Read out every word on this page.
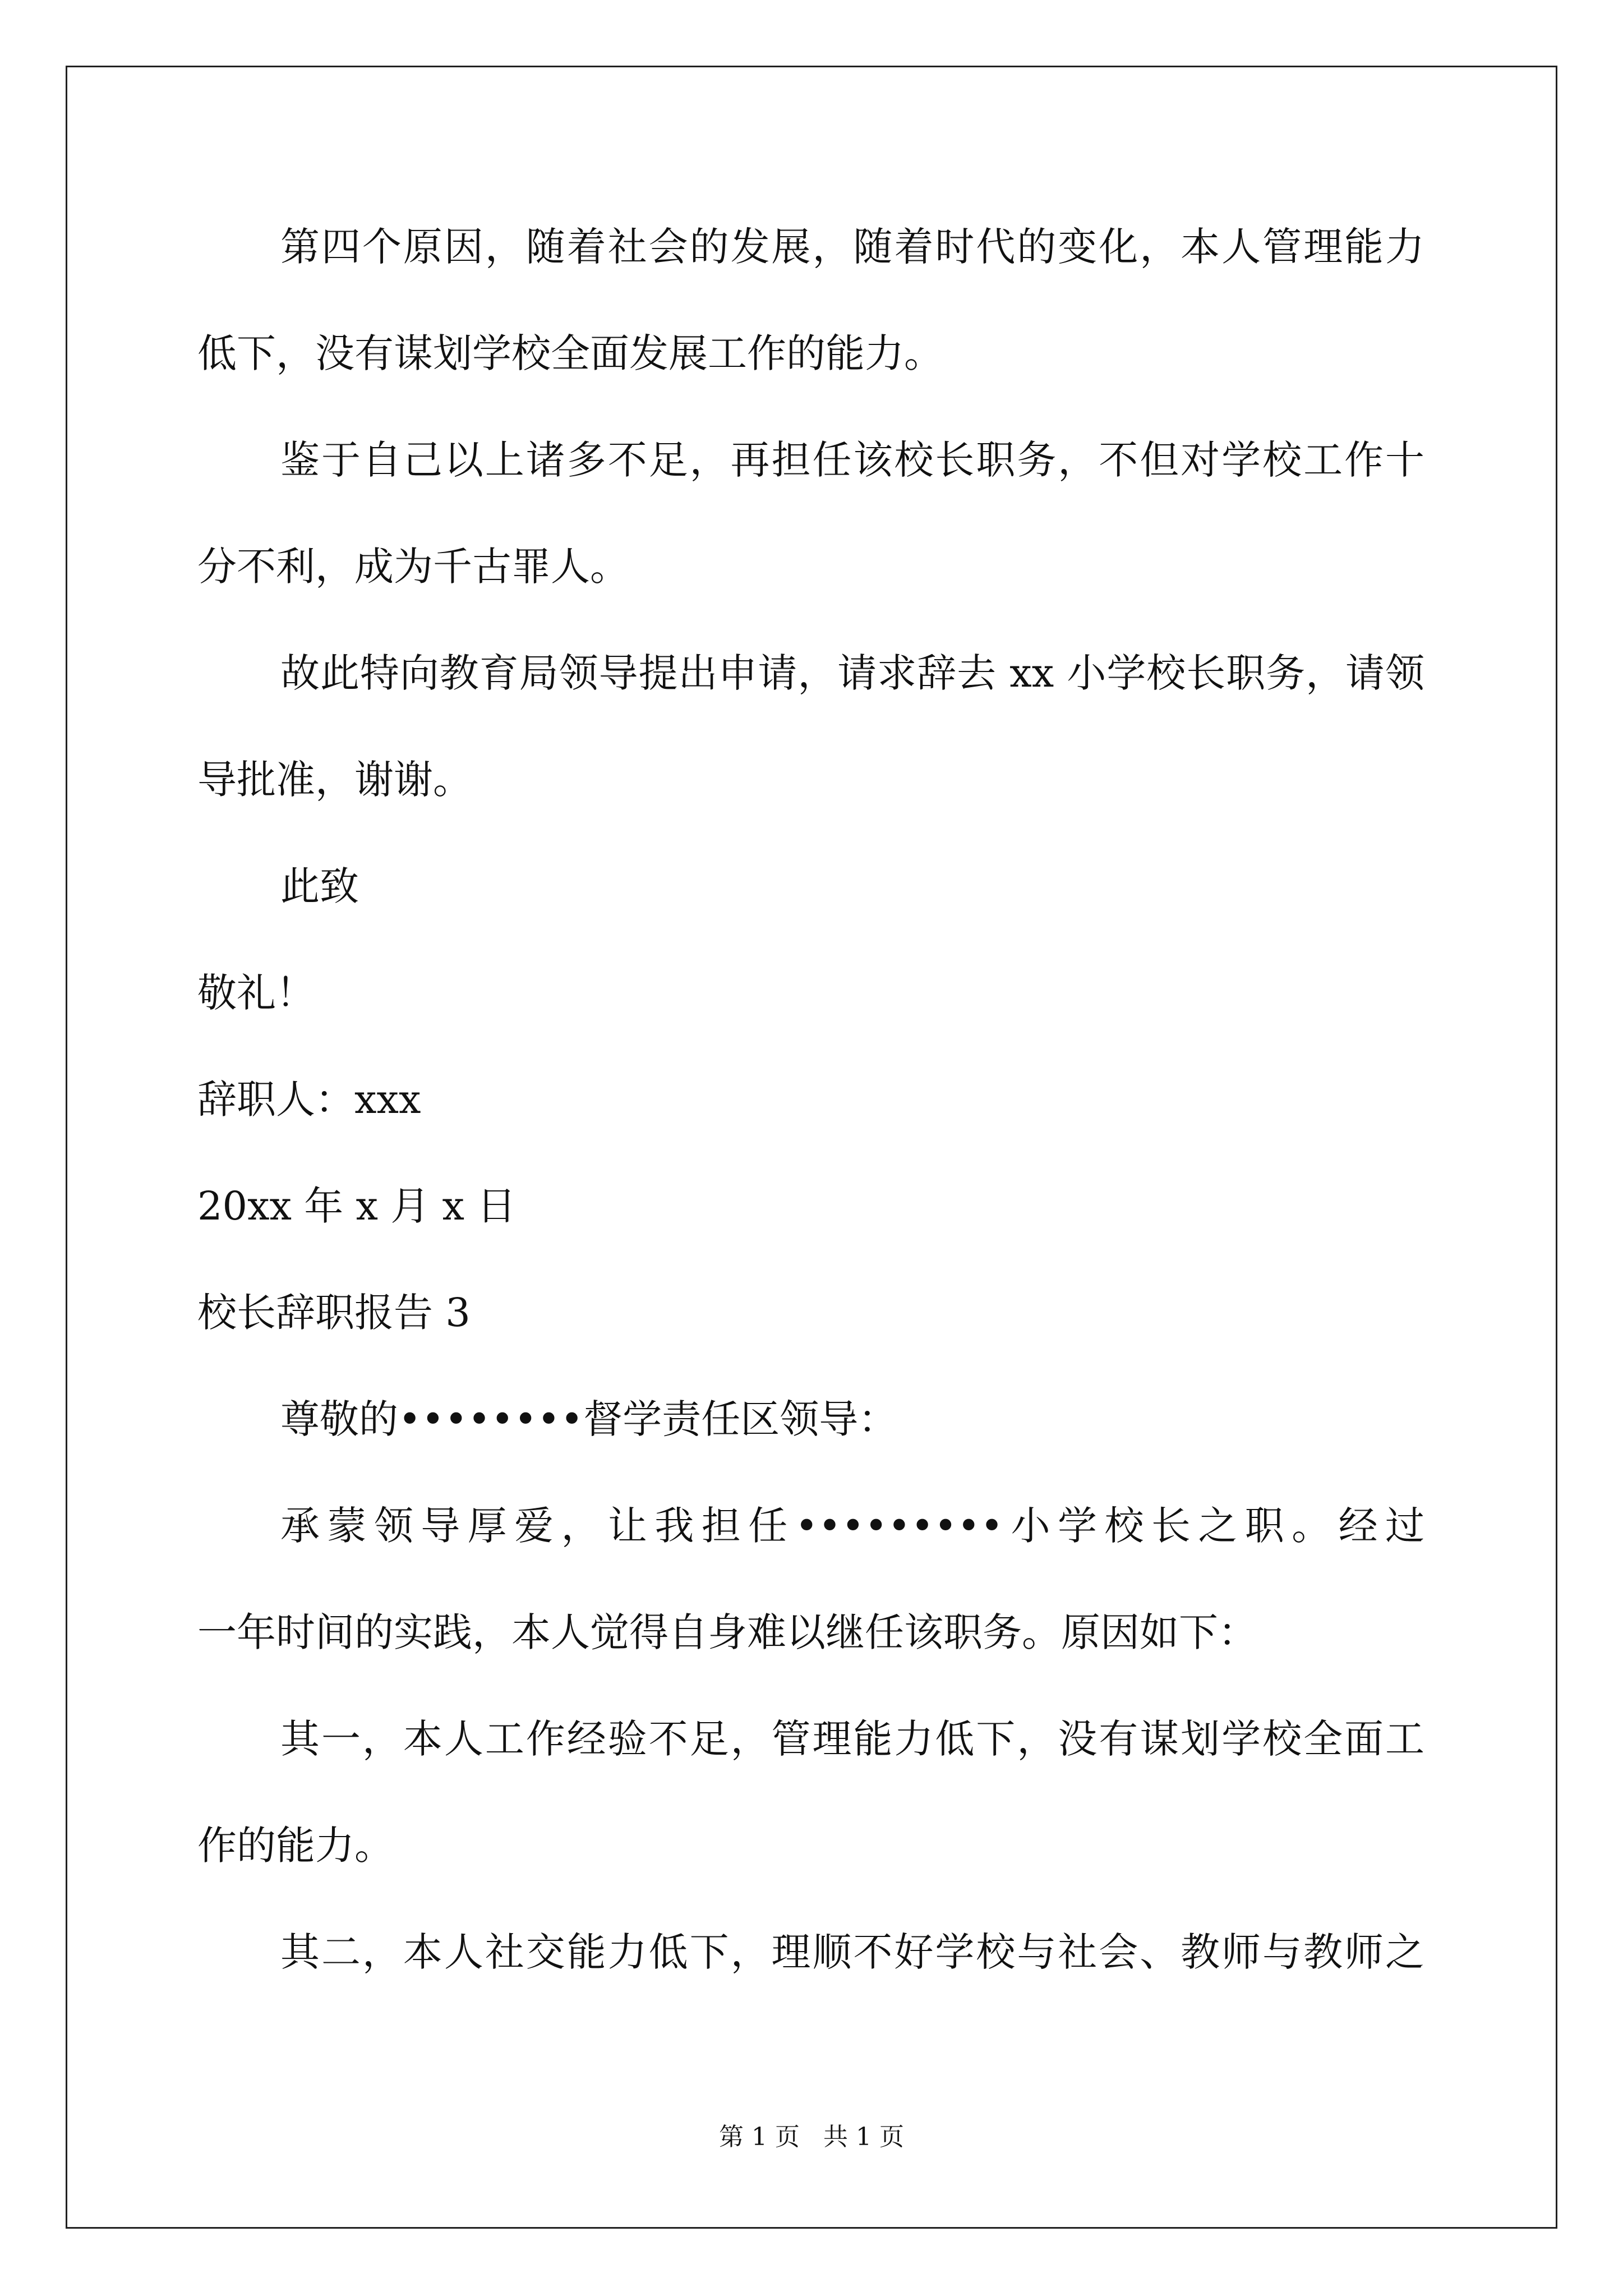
第四个原因，随着社会的发展，随着时代的变化，本人管理能力

低下，没有谋划学校全面发展工作的能力。

鉴于自己以上诸多不足，再担任该校长职务，不但对学校工作十

分不利，成为千古罪人。

故此特向教育局领导提出申请，请求辞去 xx 小学校长职务，请领

导批准，谢谢。

此致

敬礼！

辞职人：xxx

20xx 年 x 月 x 日

校长辞职报告 3

尊敬的••••••••督学责任区领导：

承蒙领导厚爱，让我担任•••••••••小学校长之职。经过

一年时间的实践，本人觉得自身难以继任该职务。原因如下：

其一，本人工作经验不足，管理能力低下，没有谋划学校全面工

作的能力。

其二，本人社交能力低下，理顺不好学校与社会、教师与教师之

第 1 页   共 1 页
